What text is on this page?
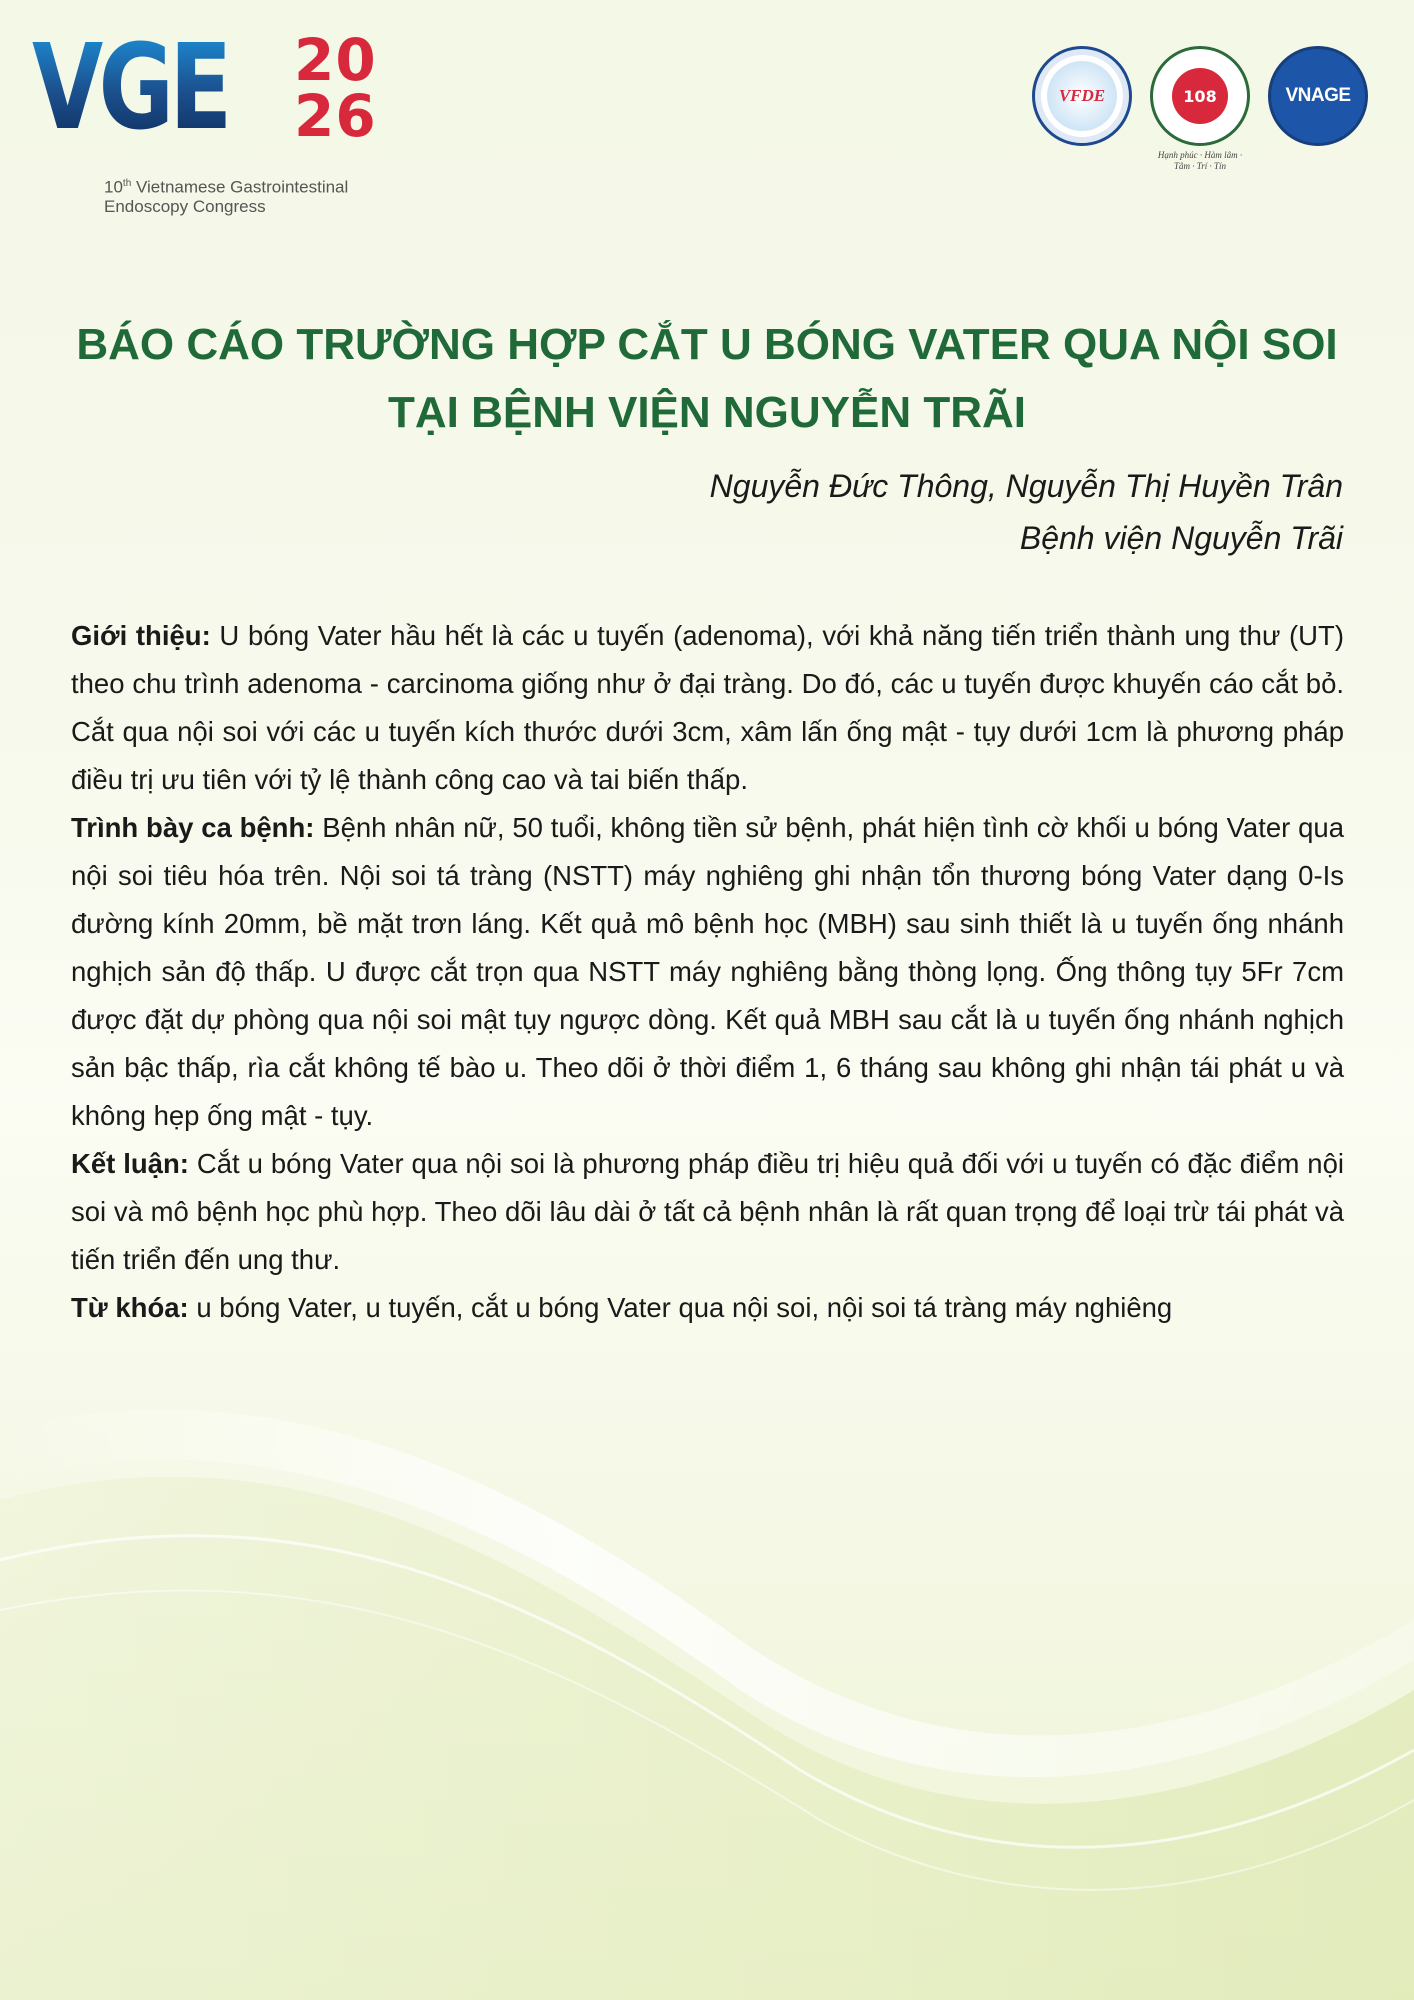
VGEC 20
26
10th Vietnamese Gastrointestinal
Endoscopy Congress
VFDE	108
Hạnh phúc · Hàm lâm · Tâm · Trí · Tín
VNAGE
BÁO CÁO TRƯỜNG HỢP CẮT U BÓNG VATER QUA NỘI SOI
TẠI BỆNH VIỆN NGUYỄN TRÃI
Nguyễn Đức Thông, Nguyễn Thị Huyền Trân
Bệnh viện Nguyễn Trãi

Giới thiệu: U bóng Vater hầu hết là các u tuyến (adenoma), với khả năng tiến triển thành ung thư (UT) theo chu trình adenoma - carcinoma giống như ở đại tràng. Do đó, các u tuyến được khuyến cáo cắt bỏ. Cắt qua nội soi với các u tuyến kích thước dưới 3cm, xâm lấn ống mật - tụy dưới 1cm là phương pháp điều trị ưu tiên với tỷ lệ thành công cao và tai biến thấp.

Trình bày ca bệnh: Bệnh nhân nữ, 50 tuổi, không tiền sử bệnh, phát hiện tình cờ khối u bóng Vater qua nội soi tiêu hóa trên. Nội soi tá tràng (NSTT) máy nghiêng ghi nhận tổn thương bóng Vater dạng 0-Is đường kính 20mm, bề mặt trơn láng. Kết quả mô bệnh học (MBH) sau sinh thiết là u tuyến ống nhánh nghịch sản độ thấp. U được cắt trọn qua NSTT máy nghiêng bằng thòng lọng. Ống thông tụy 5Fr 7cm được đặt dự phòng qua nội soi mật tụy ngược dòng. Kết quả MBH sau cắt là u tuyến ống nhánh nghịch sản bậc thấp, rìa cắt không tế bào u. Theo dõi ở thời điểm 1, 6 tháng sau không ghi nhận tái phát u và không hẹp ống mật - tụy.

Kết luận: Cắt u bóng Vater qua nội soi là phương pháp điều trị hiệu quả đối với u tuyến có đặc điểm nội soi và mô bệnh học phù hợp. Theo dõi lâu dài ở tất cả bệnh nhân là rất quan trọng để loại trừ tái phát và tiến triển đến ung thư.

Từ khóa: u bóng Vater, u tuyến, cắt u bóng Vater qua nội soi, nội soi tá tràng máy nghiêng
